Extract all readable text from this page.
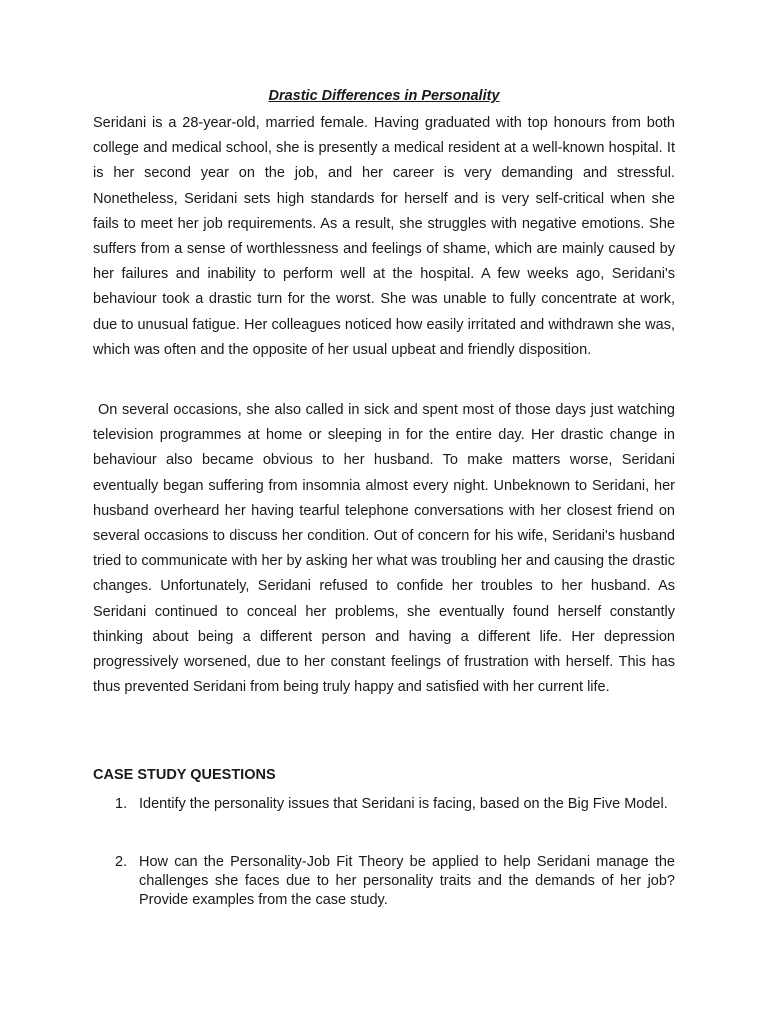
Drastic Differences in Personality

Seridani is a 28-year-old, married female. Having graduated with top honours from both college and medical school, she is presently a medical resident at a well-known hospital. It is her second year on the job, and her career is very demanding and stressful. Nonetheless, Seridani sets high standards for herself and is very self-critical when she fails to meet her job requirements. As a result, she struggles with negative emotions. She suffers from a sense of worthlessness and feelings of shame, which are mainly caused by her failures and inability to perform well at the hospital. A few weeks ago, Seridani's behaviour took a drastic turn for the worst. She was unable to fully concentrate at work, due to unusual fatigue. Her colleagues noticed how easily irritated and withdrawn she was, which was often and the opposite of her usual upbeat and friendly disposition.

On several occasions, she also called in sick and spent most of those days just watching television programmes at home or sleeping in for the entire day. Her drastic change in behaviour also became obvious to her husband. To make matters worse, Seridani eventually began suffering from insomnia almost every night. Unbeknown to Seridani, her husband overheard her having tearful telephone conversations with her closest friend on several occasions to discuss her condition. Out of concern for his wife, Seridani's husband tried to communicate with her by asking her what was troubling her and causing the drastic changes. Unfortunately, Seridani refused to confide her troubles to her husband. As Seridani continued to conceal her problems, she eventually found herself constantly thinking about being a different person and having a different life. Her depression progressively worsened, due to her constant feelings of frustration with herself. This has thus prevented Seridani from being truly happy and satisfied with her current life.

CASE STUDY QUESTIONS

1. Identify the personality issues that Seridani is facing, based on the Big Five Model.
2. How can the Personality-Job Fit Theory be applied to help Seridani manage the challenges she faces due to her personality traits and the demands of her job? Provide examples from the case study.
